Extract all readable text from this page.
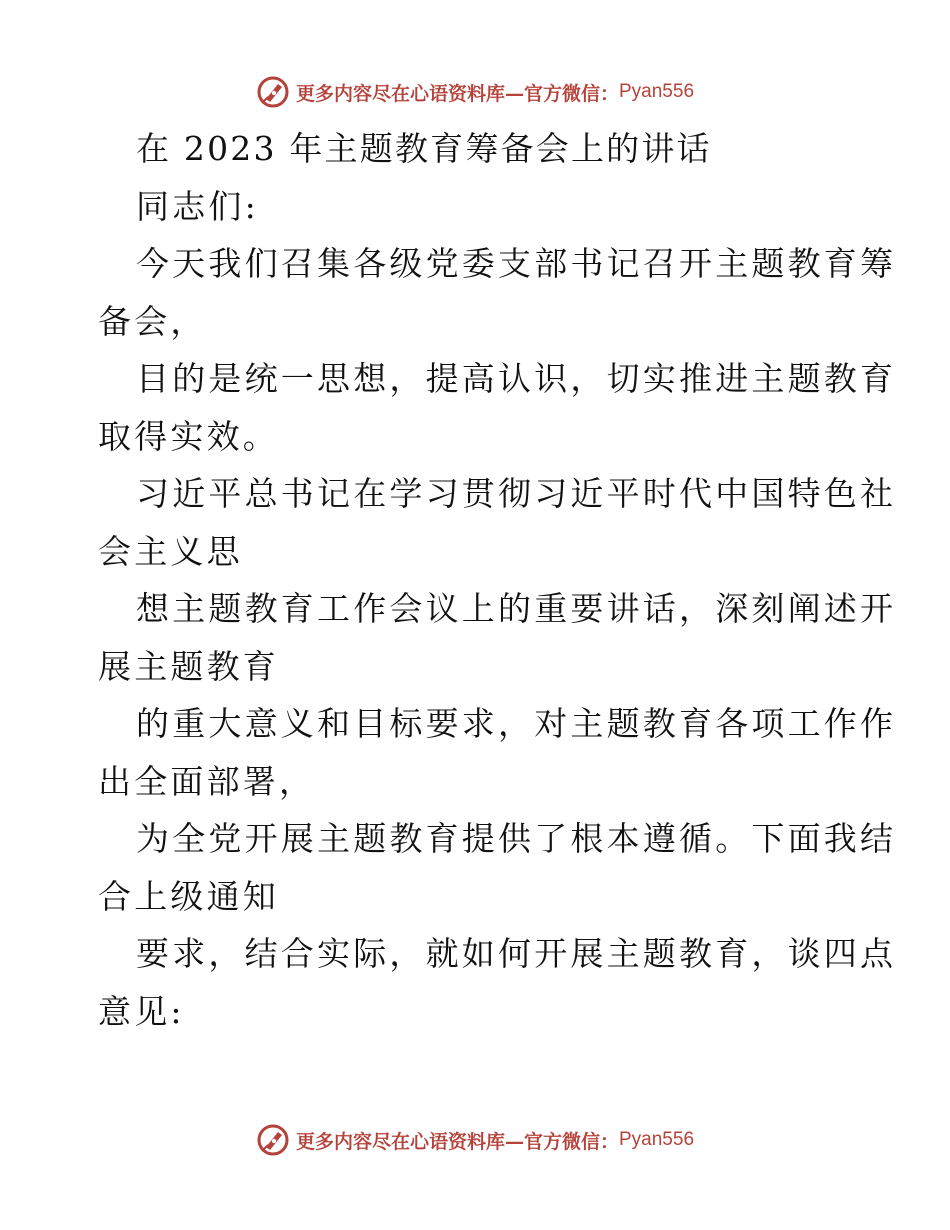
更多内容尽在心语资料库—官方微信： Pyan556
在 2023 年主题教育筹备会上的讲话
同志们:
今天我们召集各级党委支部书记召开主题教育筹
备会，
目的是统一思想，提高认识，切实推进主题教育
取得实效。
习近平总书记在学习贯彻习近平时代中国特色社
会主义思
想主题教育工作会议上的重要讲话，深刻阐述开
展主题教育
的重大意义和目标要求，对主题教育各项工作作
出全面部署，
为全党开展主题教育提供了根本遵循。下面我结
合上级通知
要求，结合实际，就如何开展主题教育，谈四点
意见:
更多内容尽在心语资料库—官方微信： Pyan556
